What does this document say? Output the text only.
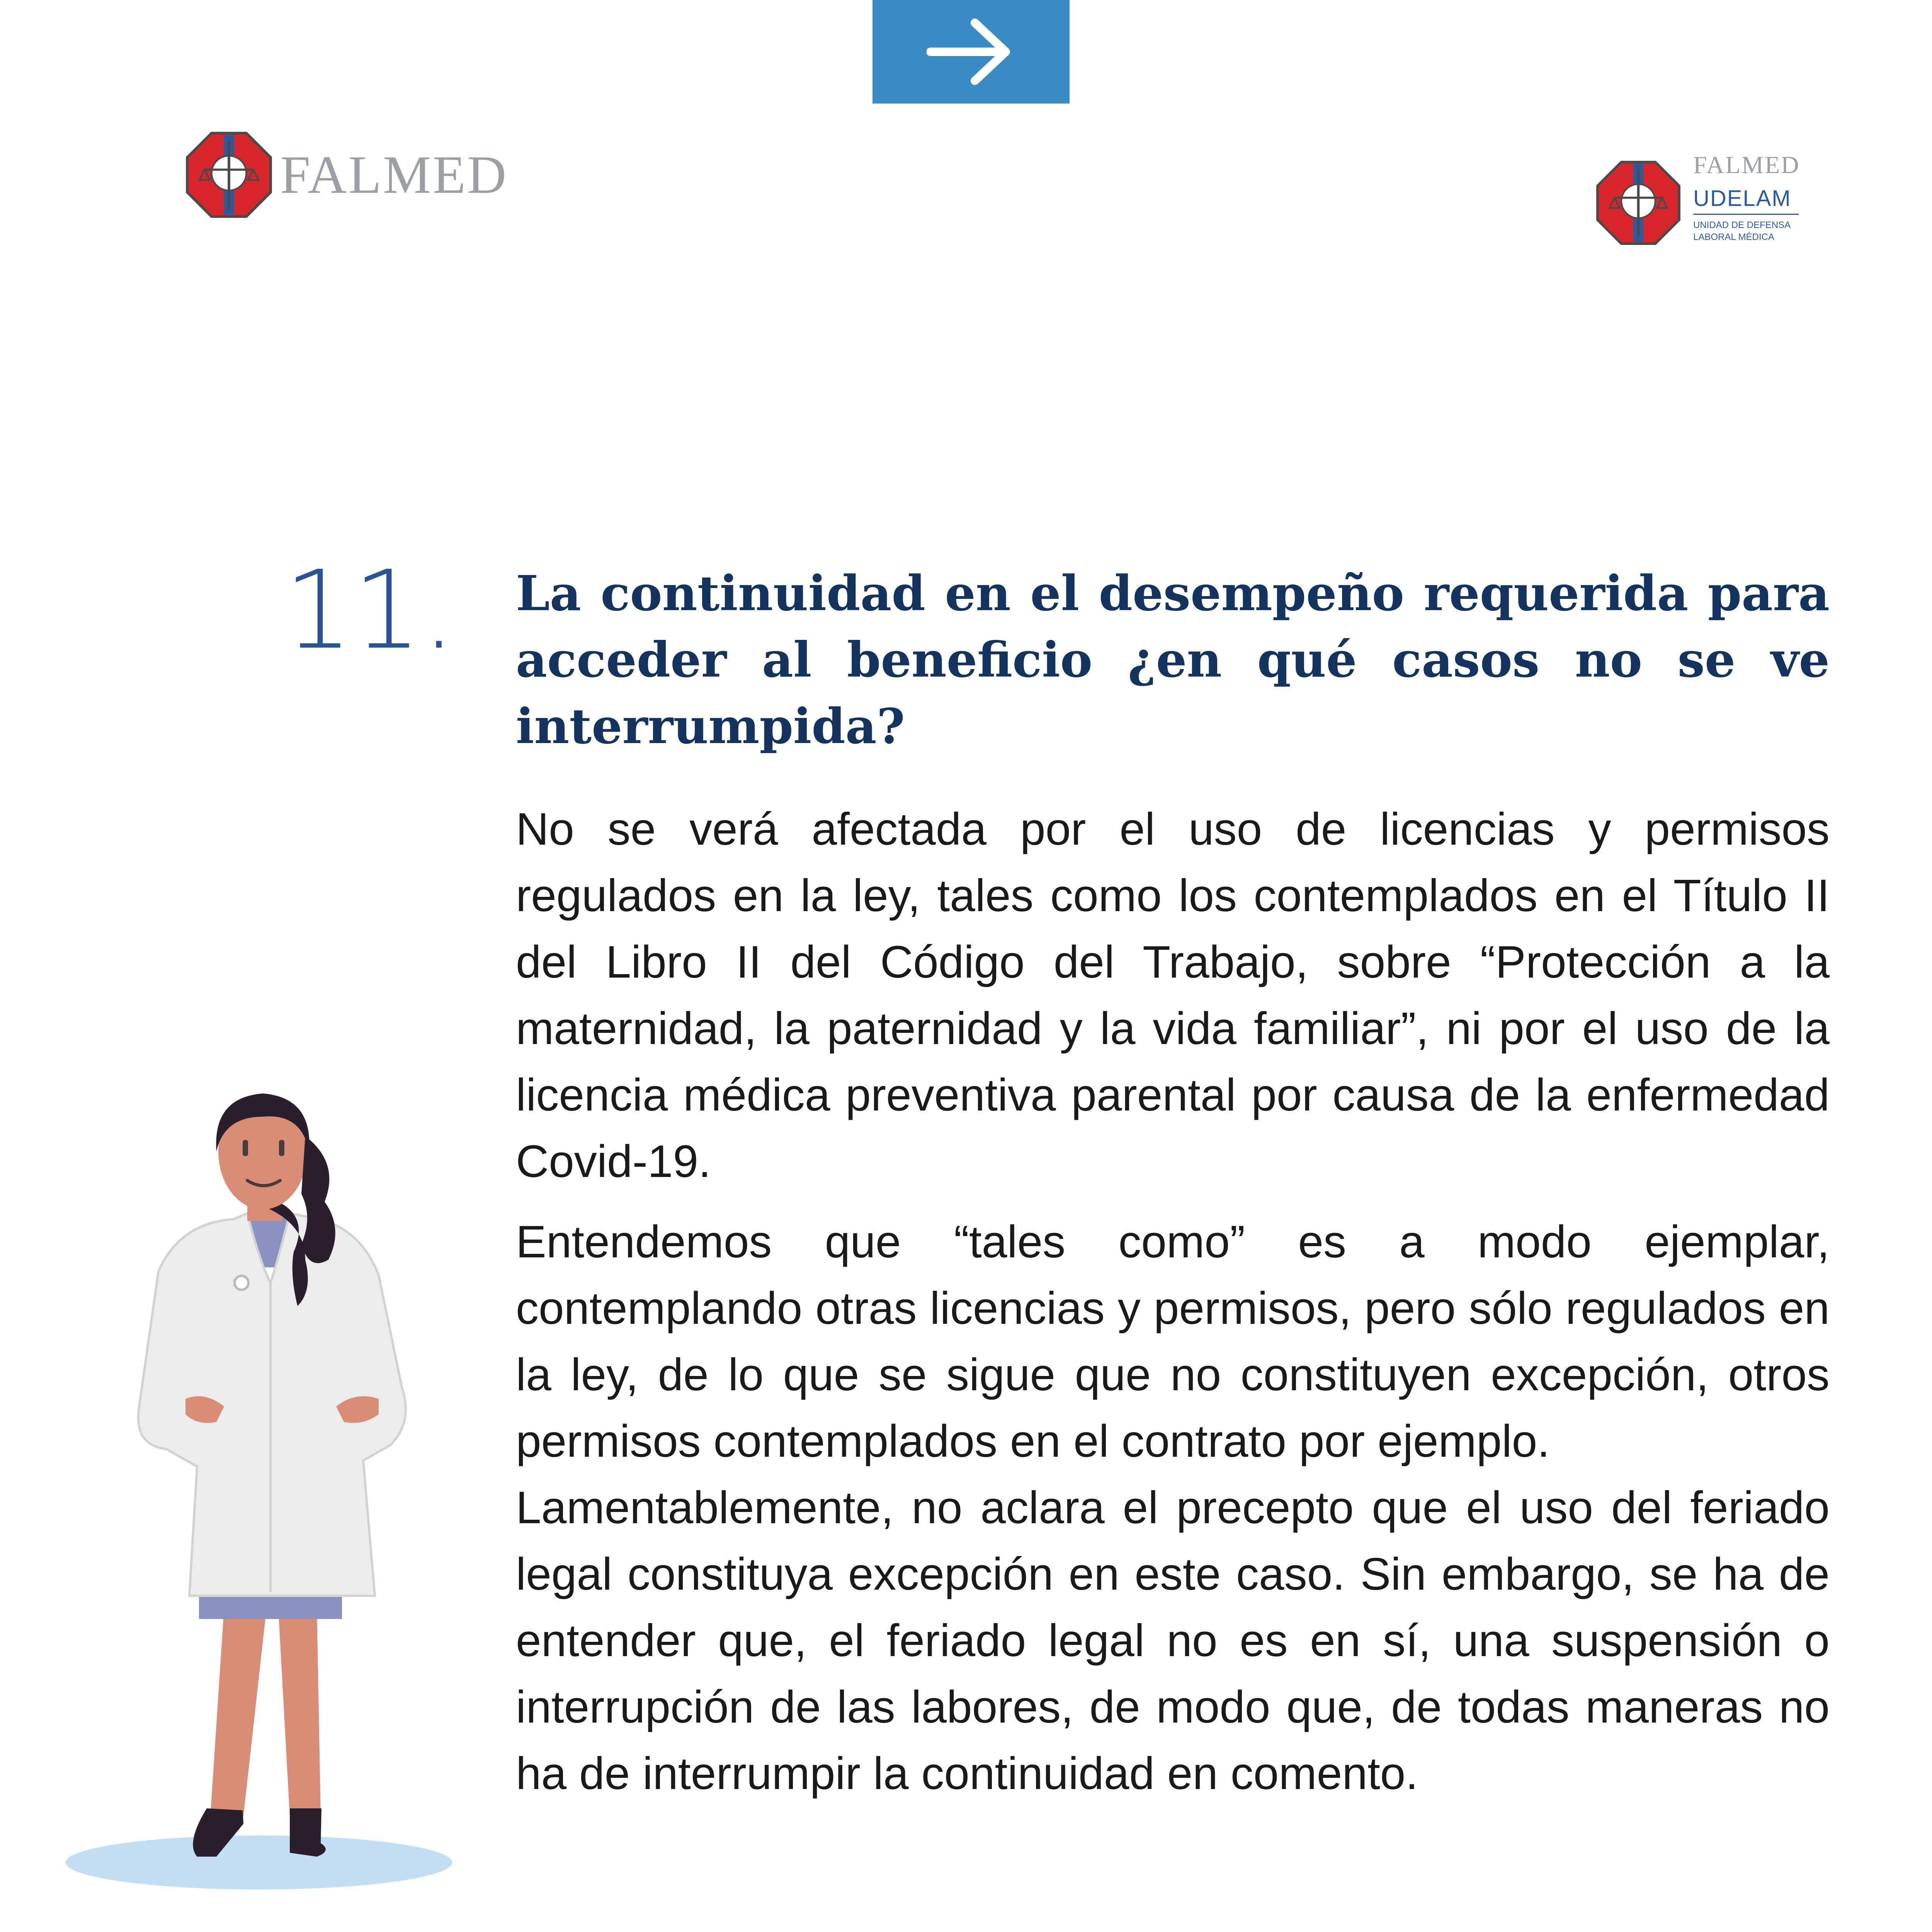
FALMED	FALMED
UDELAM
UNIDAD DE DEFENSA LABORAL MÉDICA
11. La continuidad en el desempeño requerida para acceder al beneficio ¿en qué casos no se ve interrumpida?

No se verá afectada por el uso de licencias y permisos regulados en la ley, tales como los contemplados en el Título II del Libro II del Código del Trabajo, sobre “Protección a la maternidad, la paternidad y la vida familiar”, ni por el uso de la licencia médica preventiva parental por causa de la enfermedad Covid-19.

Entendemos que “tales como” es a modo ejemplar, contemplando otras licencias y permisos, pero sólo regulados en la ley, de lo que se sigue que no constituyen excepción, otros permisos contemplados en el contrato por ejemplo.

Lamentablemente, no aclara el precepto que el uso del feriado legal constituya excepción en este caso. Sin embargo, se ha de entender que, el feriado legal no es en sí, una suspensión o interrupción de las labores, de modo que, de todas maneras no ha de interrumpir la continuidad en comento.
